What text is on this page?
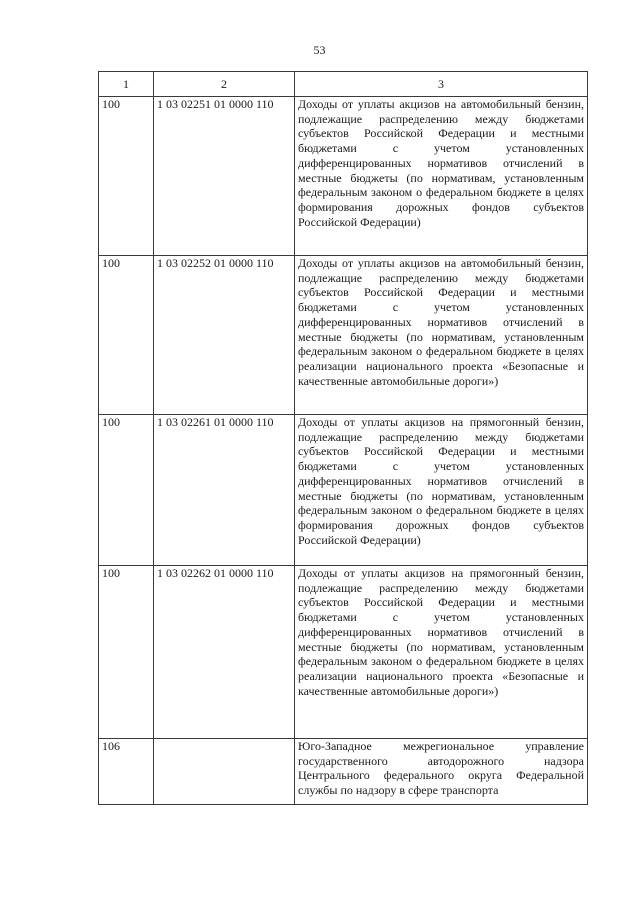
53
1	2	3
100	1 03 02251 01 0000 110	Доходы от уплаты акцизов на автомобильный бензин, подлежащие распределению между бюджетами субъектов Российской Федерации и местными бюджетами с учетом установленных дифференцированных нормативов отчислений в местные бюджеты (по нормативам, установленным федеральным законом о федеральном бюджете в целях формирования дорожных фондов субъектов Российской Федерации)
100	1 03 02252 01 0000 110	Доходы от уплаты акцизов на автомобильный бензин, подлежащие распределению между бюджетами субъектов Российской Федерации и местными бюджетами с учетом установленных дифференцированных нормативов отчислений в местные бюджеты (по нормативам, установленным федеральным законом о федеральном бюджете в целях реализации национального проекта «Безопасные и качественные автомобильные дороги»)
100	1 03 02261 01 0000 110	Доходы от уплаты акцизов на прямогонный бензин, подлежащие распределению между бюджетами субъектов Российской Федерации и местными бюджетами с учетом установленных дифференцированных нормативов отчислений в местные бюджеты (по нормативам, установленным федеральным законом о федеральном бюджете в целях формирования дорожных фондов субъектов Российской Федерации)
100	1 03 02262 01 0000 110	Доходы от уплаты акцизов на прямогонный бензин, подлежащие распределению между бюджетами субъектов Российской Федерации и местными бюджетами с учетом установленных дифференцированных нормативов отчислений в местные бюджеты (по нормативам, установленным федеральным законом о федеральном бюджете в целях реализации национального проекта «Безопасные и качественные автомобильные дороги»)
106		Юго-Западное межрегиональное управление государственного автодорожного надзора Центрального федерального округа Федеральной службы по надзору в сфере транспорта
